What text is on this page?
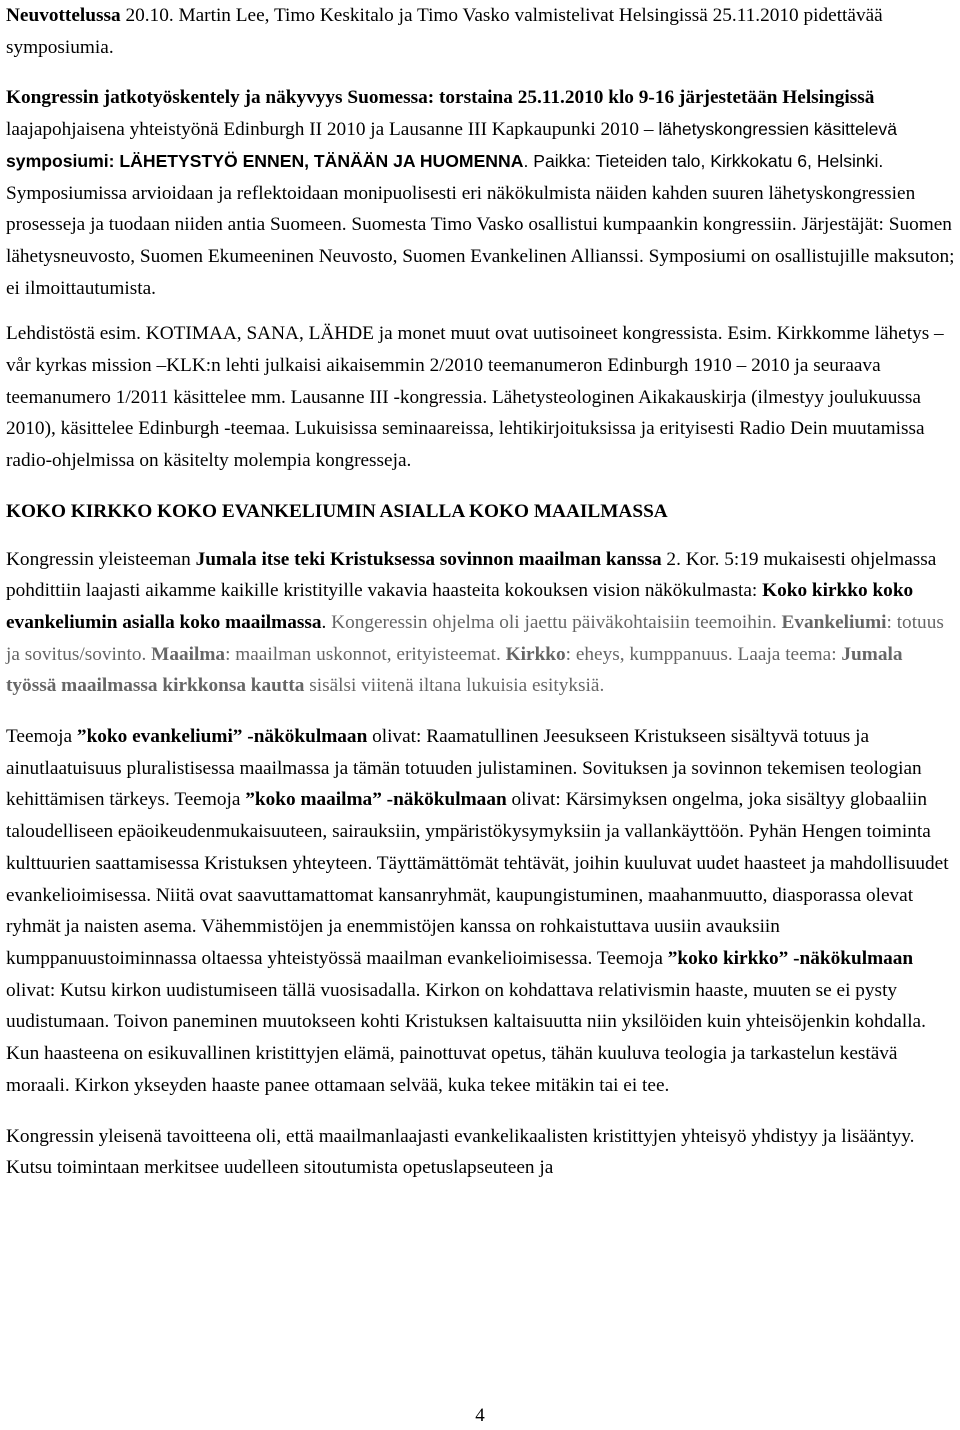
Neuvottelussa 20.10. Martin Lee, Timo Keskitalo ja Timo Vasko valmistelivat Helsingissä 25.11.2010 pidettävää symposiumia.

Kongressin jatkotyöskentely ja näkyvyys Suomessa: torstaina 25.11.2010 klo 9-16 järjestetään Helsingissä laajapohjaisena yhteistyönä Edinburgh II 2010 ja Lausanne III Kapkaupunki 2010 – lähetyskongressien käsittelevä symposiumi: LÄHETYSTYÖ ENNEN, TÄNÄÄN JA HUOMENNA. Paikka: Tieteiden talo, Kirkkokatu 6, Helsinki. Symposiumissa arvioidaan ja reflektoidaan monipuolisesti eri näkökulmista näiden kahden suuren lähetyskongressien prosesseja ja tuodaan niiden antia Suomeen. Suomesta Timo Vasko osallistui kumpaankin kongressiin. Järjestäjät: Suomen lähetysneuvosto, Suomen Ekumeeninen Neuvosto, Suomen Evankelinen Allianssi. Symposiumi on osallistujille maksuton; ei ilmoittautumista.

Lehdistöstä esim. KOTIMAA, SANA, LÄHDE ja monet muut ovat uutisoineet kongressista. Esim. Kirkkomme lähetys –vår kyrkas mission –KLK:n lehti julkaisi aikaisemmin 2/2010 teemanumeron Edinburgh 1910 – 2010 ja seuraava teemanumero 1/2011 käsittelee mm. Lausanne III -kongressia. Lähetysteologinen Aikakauskirja (ilmestyy joulukuussa 2010), käsittelee Edinburgh -teemaa. Lukuisissa seminaareissa, lehtikirjoituksissa ja erityisesti Radio Dein muutamissa radio-ohjelmissa on käsitelty molempia kongresseja.

KOKO KIRKKO KOKO EVANKELIUMIN ASIALLA KOKO MAAILMASSA

Kongressin yleisteeman Jumala itse teki Kristuksessa sovinnon maailman kanssa 2. Kor. 5:19 mukaisesti ohjelmassa pohdittiin laajasti aikamme kaikille kristityille vakavia haasteita kokouksen vision näkökulmasta: Koko kirkko koko evankeliumin asialla koko maailmassa. Kongeressin ohjelma oli jaettu päiväkohtaisiin teemoihin. Evankeliumi: totuus ja sovitus/sovinto. Maailma: maailman uskonnot, erityisteemat. Kirkko: eheys, kumppanuus. Laaja teema: Jumala työssä maailmassa kirkkonsa kautta sisälsi viitenä iltana lukuisia esityksiä.

Teemoja ”koko evankeliumi” -näkökulmaan olivat: Raamatullinen Jeesukseen Kristukseen sisältyvä totuus ja ainutlaatuisuus pluralistisessa maailmassa ja tämän totuuden julistaminen. Sovituksen ja sovinnon tekemisen teologian kehittämisen tärkeys. Teemoja ”koko maailma” -näkökulmaan olivat: Kärsimyksen ongelma, joka sisältyy globaaliin taloudelliseen epäoikeudenmukaisuuteen, sairauksiin, ympäristökysymyksiin ja vallankäyttöön. Pyhän Hengen toiminta kulttuurien saattamisessa Kristuksen yhteyteen. Täyttämättömät tehtävät, joihin kuuluvat uudet haasteet ja mahdollisuudet evankelioimisessa. Niitä ovat saavuttamattomat kansanryhmät, kaupungistuminen, maahanmuutto, diasporassa olevat ryhmät ja naisten asema. Vähemmistöjen ja enemmistöjen kanssa on rohkaistuttava uusiin avauksiin kumppanuustoiminnassa oltaessa yhteistyössä maailman evankelioimisessa. Teemoja ”koko kirkko” -näkökulmaan olivat: Kutsu kirkon uudistumiseen tällä vuosisadalla. Kirkon on kohdattava relativismin haaste, muuten se ei pysty uudistumaan. Toivon paneminen muutokseen kohti Kristuksen kaltaisuutta niin yksilöiden kuin yhteisöjenkin kohdalla. Kun haasteena on esikuvallinen kristittyjen elämä, painottuvat opetus, tähän kuuluva teologia ja tarkastelun kestävä moraali. Kirkon ykseyden haaste panee ottamaan selvää, kuka tekee mitäkin tai ei tee.

Kongressin yleisenä tavoitteena oli, että maailmanlaajasti evankelikaalisten kristittyjen yhteisyö yhdistyy ja lisääntyy. Kutsu toimintaan merkitsee uudelleen sitoutumista opetuslapseuteen ja

4
